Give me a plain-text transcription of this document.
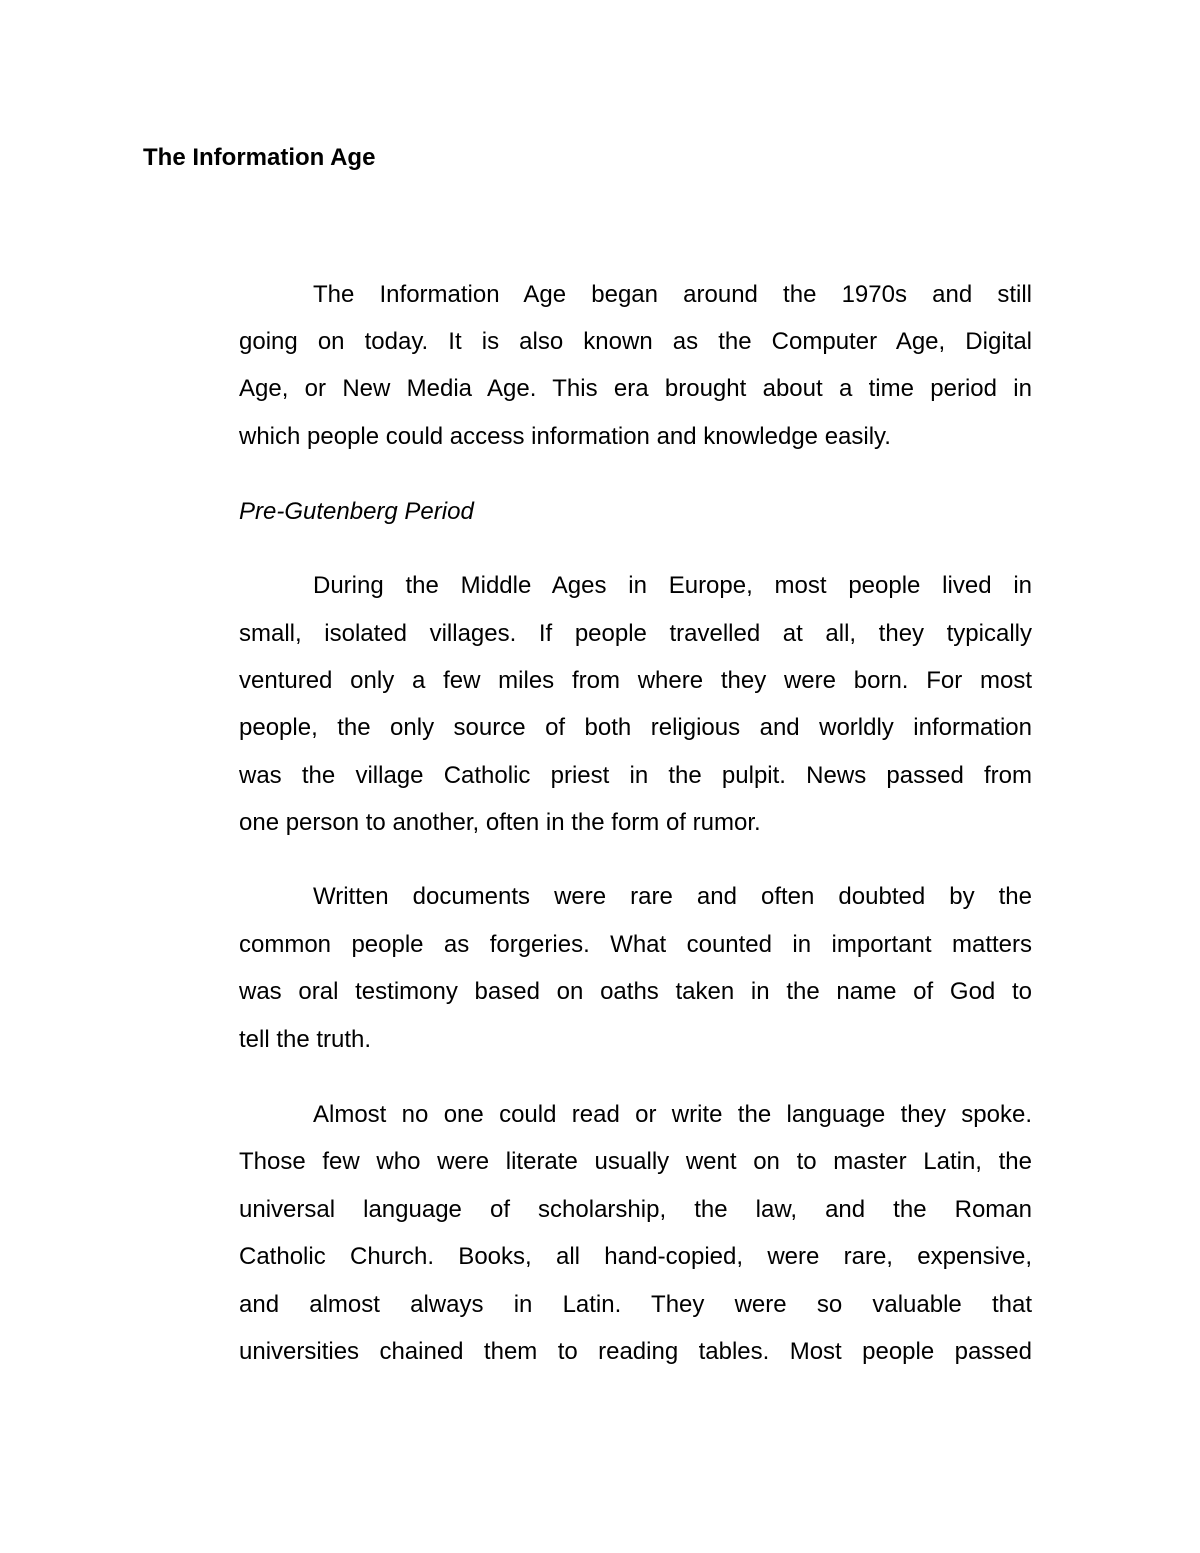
The Information Age

The Information Age began around the 1970s and still

going on today. It is also known as the Computer Age, Digital

Age, or New Media Age. This era brought about a time period in

which people could access information and knowledge easily.

Pre-Gutenberg Period

During the Middle Ages in Europe, most people lived in

small, isolated villages. If people travelled at all, they typically

ventured only a few miles from where they were born. For most

people, the only source of both religious and worldly information

was the village Catholic priest in the pulpit. News passed from

one person to another, often in the form of rumor.

Written documents were rare and often doubted by the

common people as forgeries. What counted in important matters

was oral testimony based on oaths taken in the name of God to

tell the truth.

Almost no one could read or write the language they spoke.

Those few who were literate usually went on to master Latin, the

universal language of scholarship, the law, and the Roman

Catholic Church. Books, all hand-copied, were rare, expensive,

and almost always in Latin. They were so valuable that

universities chained them to reading tables. Most people passed
